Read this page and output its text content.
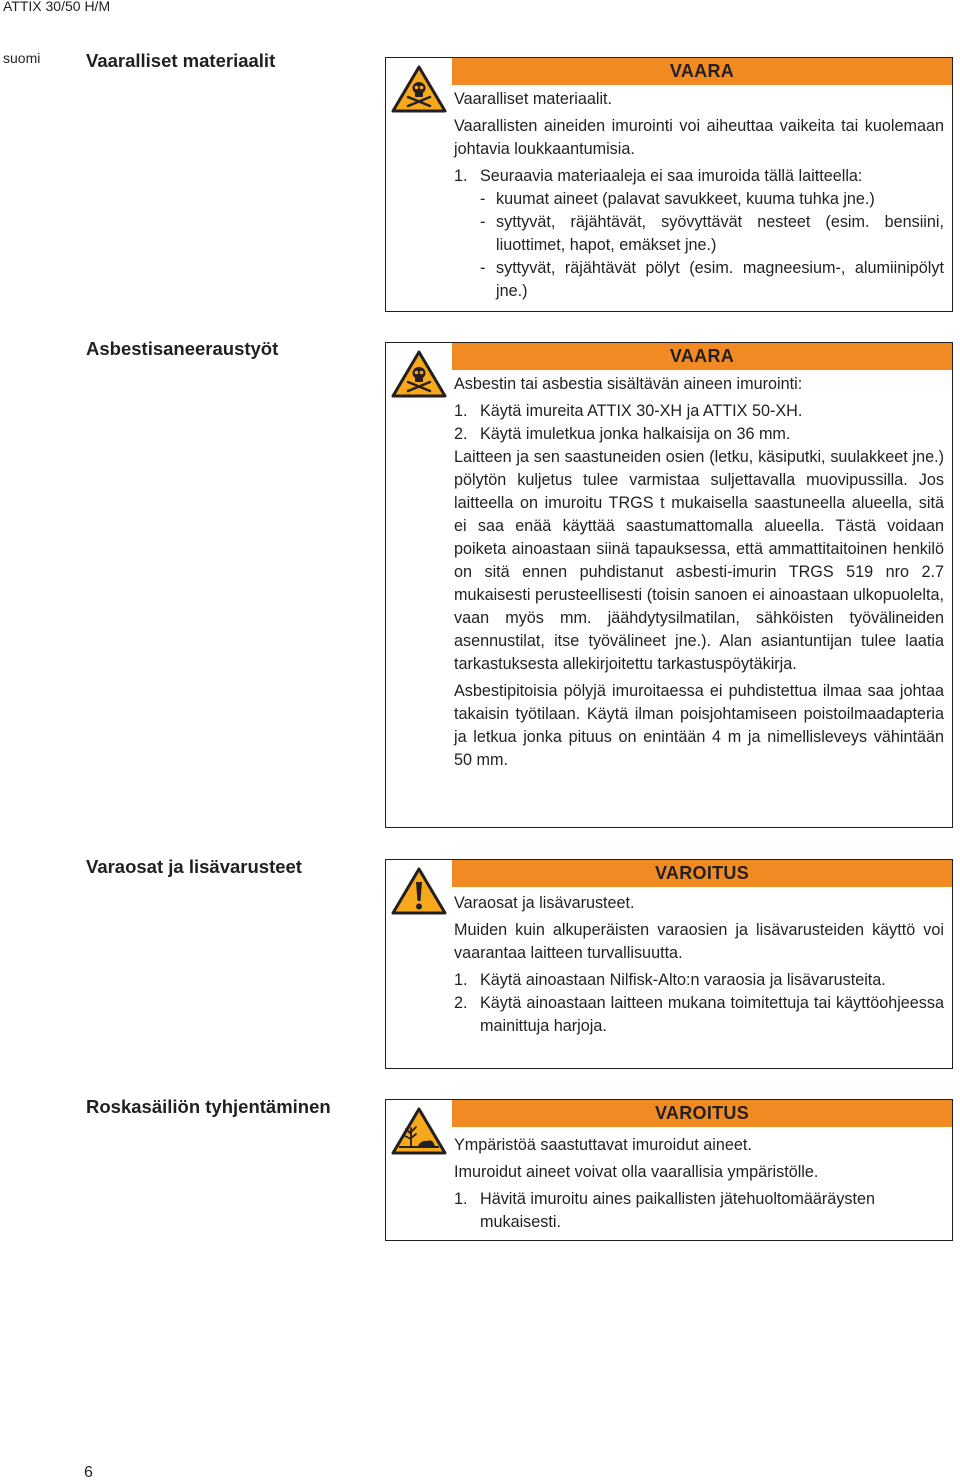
ATTIX 30/50 H/M
suomi
6
Vaaralliset materiaalit	VAARA
Vaaralliset materiaalit.
Vaarallisten aineiden imurointi voi aiheuttaa vaikeita tai kuolemaan johtavia loukkaantumisia.
1. Seuraavia materiaaleja ei saa imuroida tällä laitteella:
- kuumat aineet (palavat savukkeet, kuuma tuhka jne.)
- syttyvät, räjähtävät, syövyttävät nesteet (esim. bensiini, liuottimet, hapot, emäkset jne.)
- syttyvät, räjähtävät pölyt (esim. magneesium-, alumiinipölyt jne.)
Asbestisaneeraustyöt	VAARA
Asbestin tai asbestia sisältävän aineen imurointi:
1. Käytä imureita ATTIX 30-XH ja ATTIX 50-XH.
2. Käytä imuletkua jonka halkaisija on 36 mm.
Laitteen ja sen saastuneiden osien (letku, käsiputki, suulakkeet jne.) pölytön kuljetus tulee varmistaa suljettavalla muovipussilla. Jos laitteella on imuroitu TRGS t mukaisella saastuneella alueella, sitä ei saa enää käyttää saastumattomalla alueella. Tästä voidaan poiketa ainoastaan siinä tapauksessa, että ammattitaitoinen henkilö on sitä ennen puhdistanut asbesti-imurin TRGS 519 nro 2.7 mukaisesti perusteellisesti (toisin sanoen ei ainoastaan ulkopuolelta, vaan myös mm. jäähdytysilmatilan, sähköisten työvälineiden asennustilat, itse työvälineet jne.). Alan asiantuntijan tulee laatia tarkastuksesta allekirjoitettu tarkastuspöytäkirja.
Asbestipitoisia pölyjä imuroitaessa ei puhdistettua ilmaa saa johtaa takaisin työtilaan. Käytä ilman poisjohtamiseen poistoilmaadapteria ja letkua jonka pituus on enintään 4 m ja nimellisleveys vähintään 50 mm.
Varaosat ja lisävarusteet	VAROITUS
Varaosat ja lisävarusteet.
Muiden kuin alkuperäisten varaosien ja lisävarusteiden käyttö voi vaarantaa laitteen turvallisuutta.
1. Käytä ainoastaan Nilfisk-Alto:n varaosia ja lisävarusteita.
2. Käytä ainoastaan laitteen mukana toimitettuja tai käyttöohjeessa mainittuja harjoja.
Roskasäiliön tyhjentäminen	VAROITUS
Ympäristöä saastuttavat imuroidut aineet.
Imuroidut aineet voivat olla vaarallisia ympäristölle.
1. Hävitä imuroitu aines paikallisten jätehuoltomääräysten mukaisesti.
